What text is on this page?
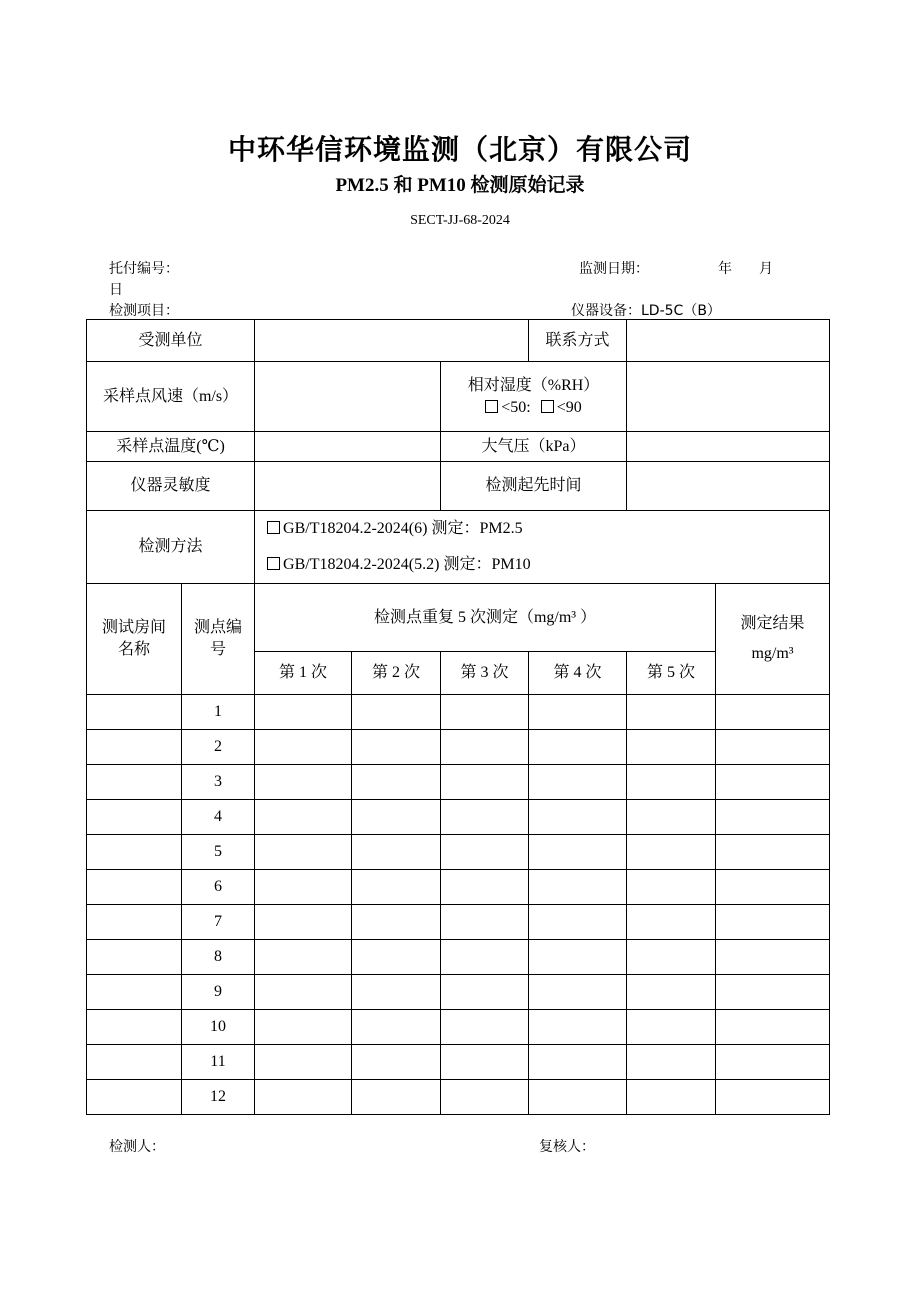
中环华信环境监测（北京）有限公司
PM2.5 和 PM10 检测原始记录
SECT-JJ-68-2024
托付编号：	监测日期：	年 月
日
检测项目：	仪器设备：LD-5C（B）
受测单位					联系方式		
采样点风速（m/s）				相对湿度（%RH）
<50: <90			

采样点温度(℃)				大气压（kPa）			
仪器灵敏度				检测起先时间			
检测方法		GB/T18204.2-2024(6) 测定：PM2.5
GB/T18204.2-2024(5.2) 测定：PM10					

测试房间名称	测点编号	检测点重复 5 次测定（mg/m³ ）					测定结果
mg/m³

		第 1 次	第 2 次	第 3 次	第 4 次	第 5 次	
	1						
	2						
	3						
	4						
	5						
	6						
	7						
	8						
	9						
	10						
	11						
	12						
检测人：	复核人：
